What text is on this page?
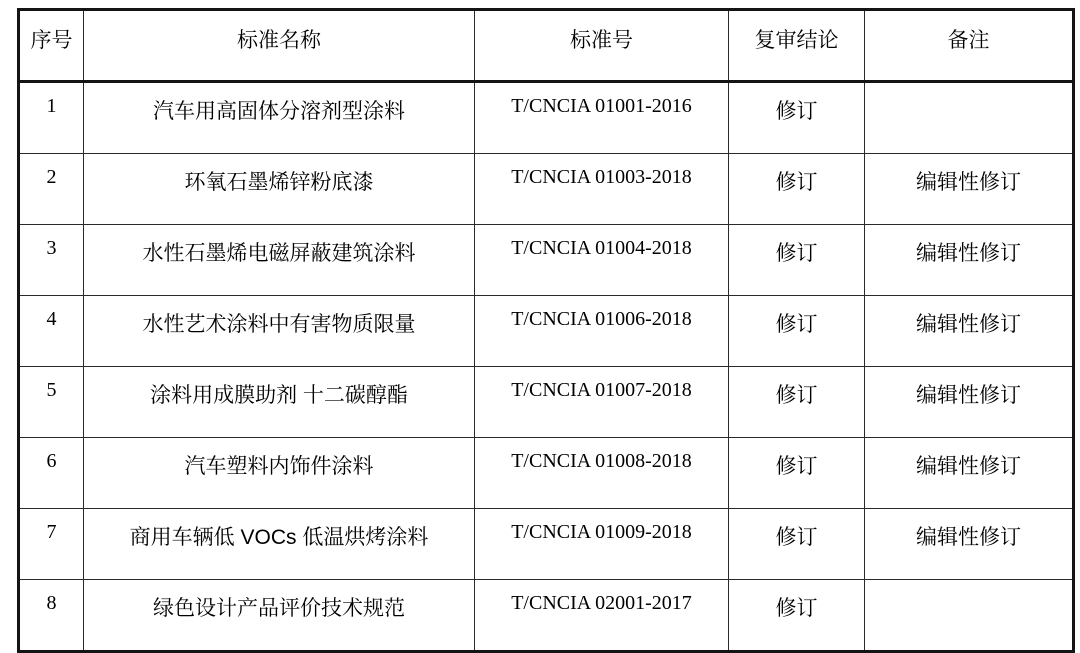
序号	标准名称	标准号	复审结论	备注
1	汽车用高固体分溶剂型涂料	T/CNCIA 01001-2016	修订	
2	环氧石墨烯锌粉底漆	T/CNCIA 01003-2018	修订	编辑性修订
3	水性石墨烯电磁屏蔽建筑涂料	T/CNCIA 01004-2018	修订	编辑性修订
4	水性艺术涂料中有害物质限量	T/CNCIA 01006-2018	修订	编辑性修订
5	涂料用成膜助剂 十二碳醇酯	T/CNCIA 01007-2018	修订	编辑性修订
6	汽车塑料内饰件涂料	T/CNCIA 01008-2018	修订	编辑性修订
7	商用车辆低 VOCs 低温烘烤涂料	T/CNCIA 01009-2018	修订	编辑性修订
8	绿色设计产品评价技术规范	T/CNCIA 02001-2017	修订	
